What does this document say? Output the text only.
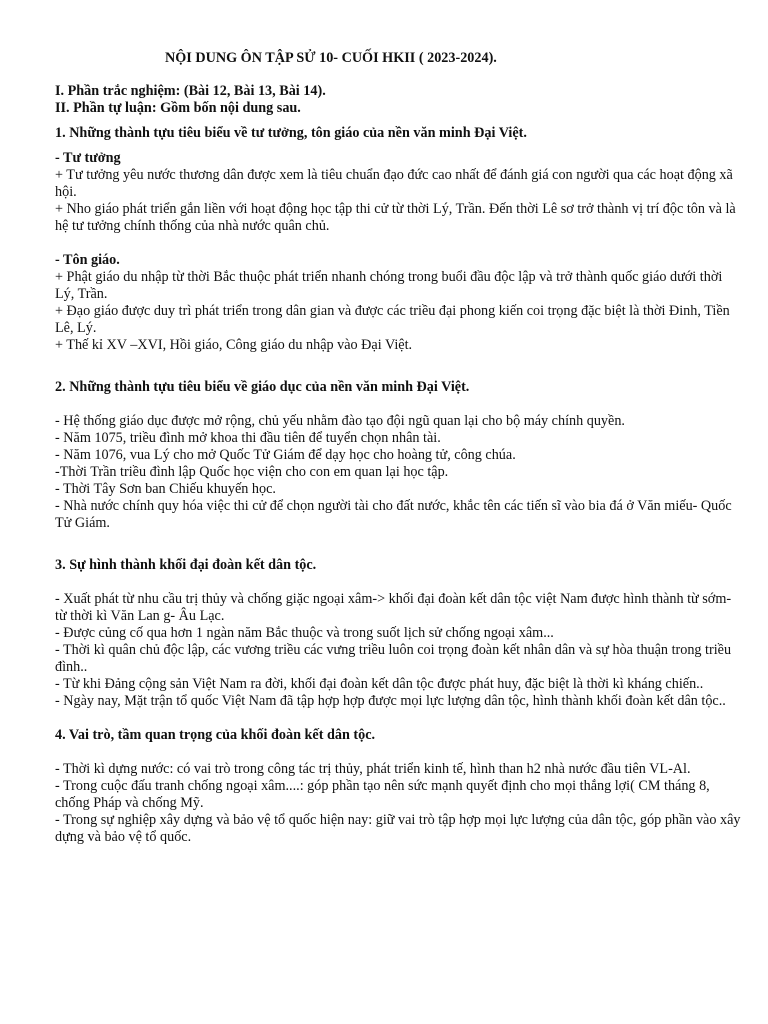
NỘI DUNG ÔN TẬP SỬ 10- CUỐI HKII ( 2023-2024).

I. Phần trắc nghiệm: (Bài 12, Bài 13, Bài 14).

II. Phần tự luận: Gồm bốn nội dung sau.

1. Những thành tựu tiêu biểu về tư tưởng, tôn giáo của nền văn minh Đại Việt.

- Tư tưởng

+ Tư tưởng yêu nước thương dân được xem là tiêu chuẩn đạo đức cao nhất để đánh giá con người qua các hoạt động xã hội.

+ Nho giáo phát triển gắn liền với hoạt động học tập thi cử từ thời Lý, Trần. Đến thời Lê sơ trở thành vị trí độc tôn và là hệ tư tưởng chính thống của nhà nước quân chủ.

- Tôn giáo.

+ Phật giáo du nhập từ thời Bắc thuộc phát triển nhanh chóng trong buổi đầu độc lập và trở thành quốc giáo dưới thời Lý, Trần.

+ Đạo giáo được duy trì phát triển trong dân gian và được các triều đại phong kiến coi trọng đặc biệt là thời Đinh, Tiền Lê, Lý.

+ Thế kỉ XV –XVI, Hồi giáo, Công giáo du nhập vào Đại Việt.

2. Những thành tựu tiêu biểu về giáo dục của nền văn minh Đại Việt.

- Hệ thống giáo dục được mở rộng, chủ yếu nhằm đào tạo đội ngũ quan lại cho bộ máy chính quyền.

- Năm 1075, triều đình mở khoa thi đầu tiên để tuyển chọn nhân tài.

- Năm 1076, vua Lý cho mở Quốc Tử Giám để dạy học cho hoàng tử, công chúa.

-Thời Trần triều đình lập Quốc học viện cho con em quan lại học tập.

- Thời Tây Sơn ban Chiếu khuyến học.

- Nhà nước chính quy hóa việc thi cử để chọn người tài cho đất nước, khắc tên các tiến sĩ vào bia đá ở Văn miếu- Quốc Tử Giám.

3. Sự hình thành khối đại đoàn kết dân tộc.

- Xuất phát từ nhu cầu trị thủy và chống giặc ngoại xâm-> khối đại đoàn kết dân tộc việt Nam được hình thành từ sớm- từ thời kì Văn Lan g- Âu Lạc.

- Được củng cố qua hơn 1 ngàn năm Bắc thuộc và trong suốt lịch sử chống ngoại xâm...

- Thời kì quân chủ độc lập, các vương triều các vưng triều luôn coi trọng đoàn kết nhân dân và sự hòa thuận trong triều đình..

- Từ khi Đảng cộng sản Việt Nam ra đời, khối đại đoàn kết dân tộc được phát huy, đặc biệt là thời kì kháng chiến..

- Ngày nay, Mặt trận tổ quốc Việt Nam đã tập hợp hợp được mọi lực lượng dân tộc, hình thành khối đoàn kết dân tộc..

4. Vai trò, tầm quan trọng của khối đoàn kết dân tộc.

- Thời kì dựng nước: có vai trò trong công tác trị thủy, phát triển kinh tế, hình than h2 nhà nước đầu tiên VL-Al.

- Trong cuộc đấu tranh chống ngoại xâm....: góp phần tạo nên sức mạnh quyết định cho mọi thắng lợi( CM tháng 8, chống Pháp và chống Mỹ.

- Trong sự nghiệp xây dựng và bảo vệ tổ quốc hiện nay: giữ vai trò tập hợp mọi lực lượng của dân tộc, góp phần vào xây dựng và bảo vệ tổ quốc.
